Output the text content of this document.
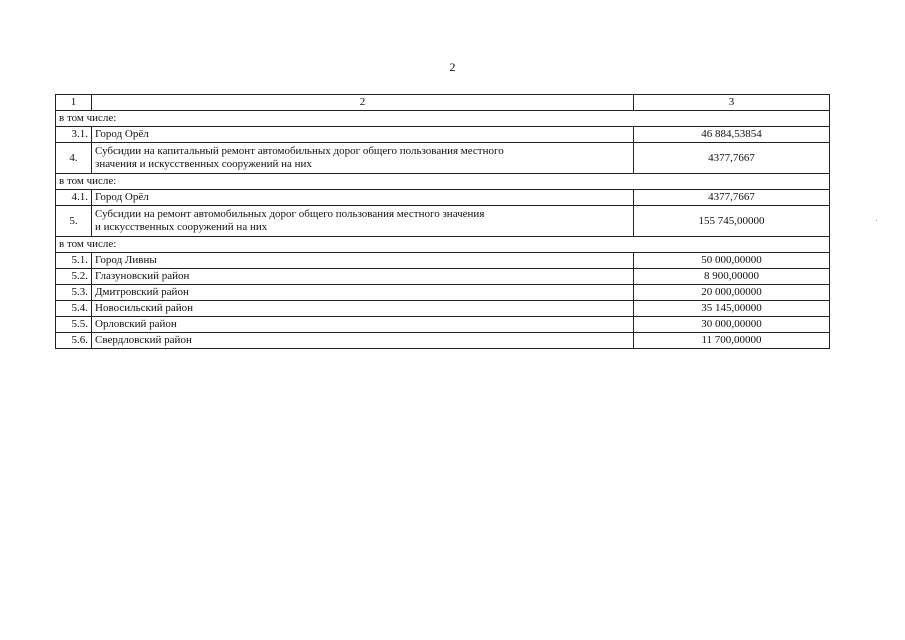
2
1	2	3
в том числе:		
3.1.	Город Орёл	46 884,53854
4.	Субсидии на капитальный ремонт автомобильных дорог общего пользования местного
значения и искусственных сооружений на них	4377,7667
в том числе:		
4.1.	Город Орёл	4377,7667
5.	Субсидии на ремонт автомобильных дорог общего пользования местного значения
и искусственных сооружений на них	155 745,00000
в том числе:		
5.1.	Город Ливны	50 000,00000
5.2.	Глазуновский район	8 900,00000
5.3.	Дмитровский район	20 000,00000
5.4.	Новосильский район	35 145,00000
5.5.	Орловский район	30 000,00000
5.6.	Свердловский район	11 700,00000
